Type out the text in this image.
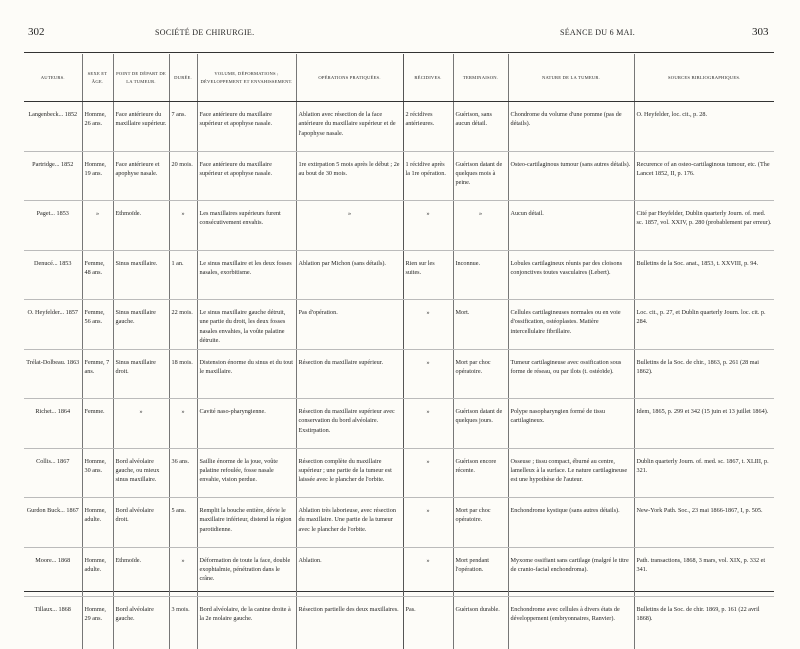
302	SOCIÉTÉ DE CHIRURGIE.	SÉANCE DU 6 MAI.	303
AUTEURS.	SEXE ET ÂGE.	POINT DE DÉPART DE LA TUMEUR.	DURÉE.	VOLUME, DÉFORMATIONS ; DÉVELOPPEMENT ET ENVAHISSEMENT.	OPÉRATIONS PRATIQUÉES.	RÉCIDIVES.	TERMINAISON.	NATURE DE LA TUMEUR.	SOURCES BIBLIOGRAPHIQUES.
Langenbeck... 1852	Homme, 26 ans.	Face antérieure du maxillaire supérieur.	7 ans.	Face antérieure du maxillaire supérieur et apophyse nasale.	Ablation avec résection de la face antérieure du maxillaire supérieur et de l'apophyse nasale.	2 récidives antérieures.	Guérison, sans aucun détail.	Chondrome du volume d'une pomme (pas de détails).	O. Heyfelder, loc. cit., p. 28.
Partridge... 1852	Homme, 19 ans.	Face antérieure et apophyse nasale.	20 mois.	Face antérieure du maxillaire supérieur et apophyse nasale.	1re extirpation 5 mois après le début ; 2e au bout de 30 mois.	1 récidive après la 1re opération.	Guérison datant de quelques mois à peine.	Osteo-cartilaginous tumour (sans autres détails).	Recurence of an osteo-cartilaginous tumour, etc. (The Lancet 1852, II, p. 176.
Paget... 1853	»	Ethmoïde.	»	Les maxillaires supérieurs furent consécutivement envahis.	»	»	»	Aucun détail.	Cité par Heyfelder, Dublin quarterly Journ. of. med. sc. 1857, vol. XXIV, p. 280 (probablement par erreur).
Denucé... 1853	Femme, 48 ans.	Sinus maxillaire.	1 an.	Le sinus maxillaire et les deux fosses nasales, exorbitisme.	Ablation par Michon (sans détails).	Rien sur les suites.	Inconnue.	Lobules cartilagineux réunis par des cloisons conjonctives toutes vasculaires (Lebert).	Bulletins de la Soc. anat., 1853, t. XXVIII, p. 94.
O. Heyfelder... 1857	Femme, 56 ans.	Sinus maxillaire gauche.	22 mois.	Le sinus maxillaire gauche détruit, une partie du droit, les deux fosses nasales envahies, la voûte palatine détruite.	Pas d'opération.	»	Mort.	Cellules cartilagineuses normales ou en voie d'ossification, ostéoplastes. Matière intercellulaire fibrillaire.	Loc. cit., p. 27, et Dublin quarterly Journ. loc. cit. p. 284.
Trélat-Dolbeau. 1863	Femme, 7 ans.	Sinus maxillaire droit.	18 mois.	Distension énorme du sinus et du tout le maxillaire.	Résection du maxillaire supérieur.	»	Mort par choc opératoire.	Tumeur cartilagineuse avec ossification sous forme de réseau, ou par ilots (t. ostéoïde).	Bulletins de la Soc. de chir., 1863, p. 261 (28 mai 1862).
Richet... 1864	Femme.	»	»	Cavité naso-pharyngienne.	Résection du maxillaire supérieur avec conservation du bord alvéolaire. Exstirpation.	»	Guérison datant de quelques jours.	Polype nasopharyngien formé de tissu cartilagineux.	Idem, 1865, p. 299 et 342 (15 juin et 13 juillet 1864).
Collis... 1867	Homme, 30 ans.	Bord alvéolaire gauche, ou mieux sinus maxillaire.	36 ans.	Saillie énorme de la joue, voûte palatine refoulée, fosse nasale envahie, vision perdue.	Résection complète du maxillaire supérieur ; une partie de la tumeur est laissée avec le plancher de l'orbite.	»	Guérison encore récente.	Osseuse ; tissu compact, éburné au centre, lamelleux à la surface. Le nature cartilagineuse est une hypothèse de l'auteur.	Dublin quarterly Journ. of. med. sc. 1867, t. XLIII, p. 321.
Gurdon Buck... 1867	Homme, adulte.	Bord alvéolaire droit.	5 ans.	Remplit la bouche entière, dévie le maxillaire inférieur, distend la région parotidienne.	Ablation très laborieuse, avec résection du maxillaire. Une partie de la tumeur avec le plancher de l'orbite.	»	Mort par choc opératoire.	Enchondrome kystique (sans autres détails).	New-York Path. Soc., 23 mai 1866-1867, I, p. 505.
Moore... 1868	Homme, adulte.	Ethmoïde.	»	Déformation de toute la face, double exophtalmie, pénétration dans le crâne.	Ablation.	»	Mort pendant l'opération.	Myxome ossifiant sans cartilage (malgré le titre de cranio-facial enchondroma).	Path. transactions, 1868, 3 mars, vol. XIX, p. 332 et 341.
Tillaux... 1868	Homme, 29 ans.	Bord alvéolaire gauche.	3 mois.	Bord alvéolaire, de la canine droite à la 2e molaire gauche.	Résection partielle des deux maxillaires.	Pas.	Guérison durable.	Enchondrome avec cellules à divers états de développement (embryonnaires, Ranvier).	Bulletins de la Soc. de chir. 1869, p. 161 (22 avril 1868).
